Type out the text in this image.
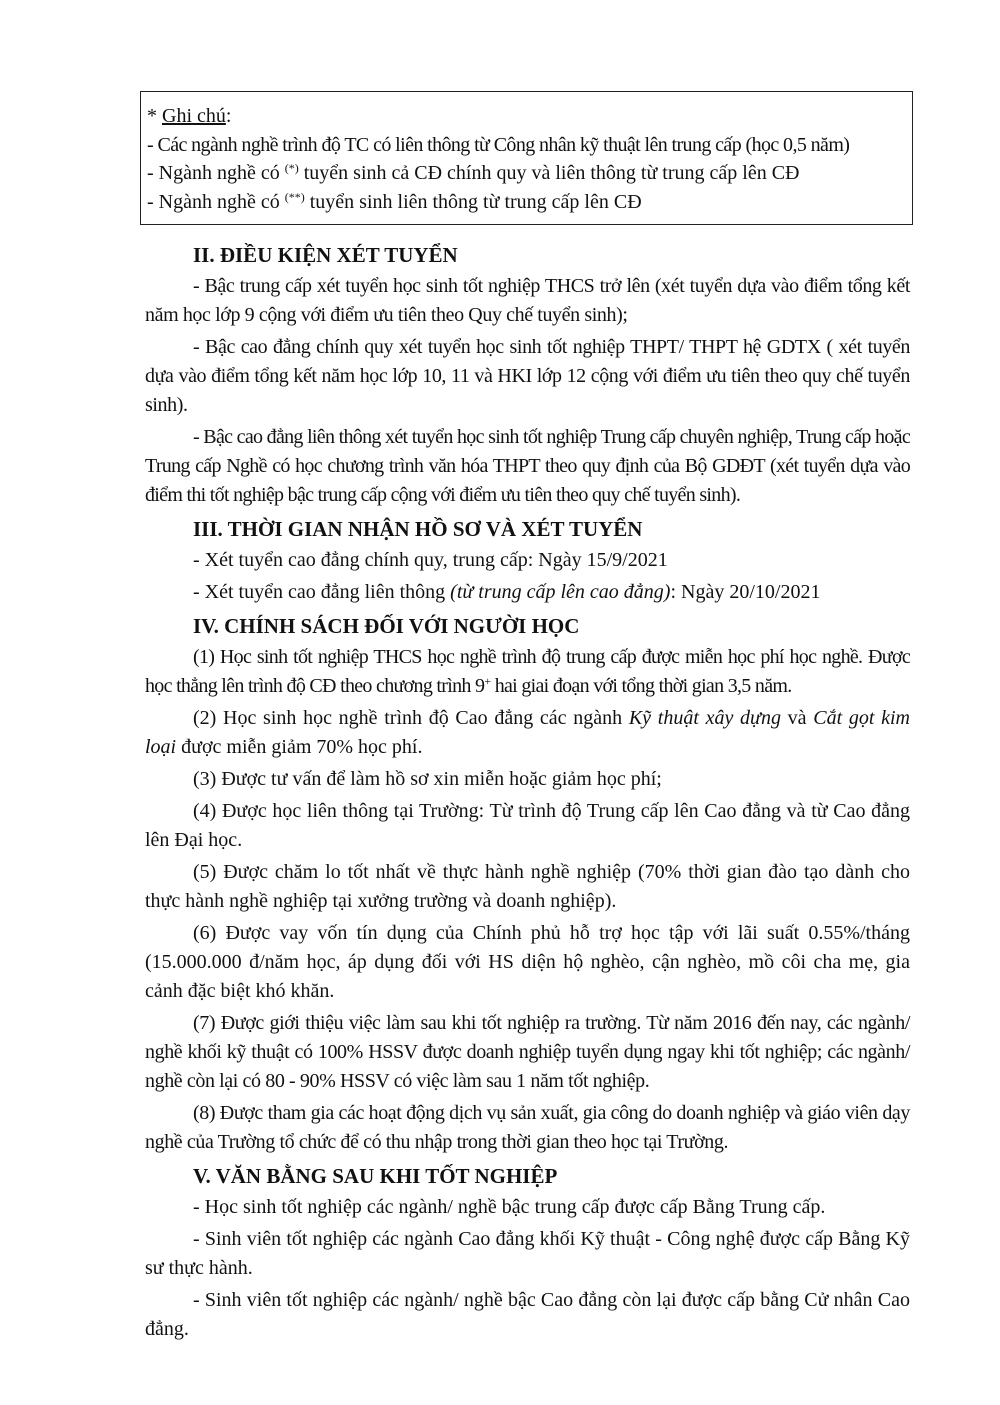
* Ghi chú:
- Các ngành nghề trình độ TC có liên thông từ Công nhân kỹ thuật lên trung cấp (học 0,5 năm)
- Ngành nghề có (*) tuyển sinh cả CĐ chính quy và liên thông từ trung cấp lên CĐ
- Ngành nghề có (**) tuyển sinh liên thông từ trung cấp lên CĐ
II. ĐIỀU KIỆN XÉT TUYỂN

- Bậc trung cấp xét tuyển học sinh tốt nghiệp THCS trở lên (xét tuyển dựa vào điểm tổng kết năm học lớp 9 cộng với điểm ưu tiên theo Quy chế tuyển sinh);

- Bậc cao đẳng chính quy xét tuyển học sinh tốt nghiệp THPT/ THPT hệ GDTX ( xét tuyển dựa vào điểm tổng kết năm học lớp 10, 11 và HKI lớp 12 cộng với điểm ưu tiên theo quy chế tuyển sinh).

- Bậc cao đẳng liên thông xét tuyển học sinh tốt nghiệp Trung cấp chuyên nghiệp, Trung cấp hoặc Trung cấp Nghề có học chương trình văn hóa THPT theo quy định của Bộ GDĐT (xét tuyển dựa vào điểm thi tốt nghiệp bậc trung cấp cộng với điểm ưu tiên theo quy chế tuyển sinh).

III. THỜI GIAN NHẬN HỒ SƠ VÀ XÉT TUYỂN
- Xét tuyển cao đẳng chính quy, trung cấp: Ngày 15/9/2021
- Xét tuyển cao đẳng liên thông (từ trung cấp lên cao đẳng): Ngày 20/10/2021
IV. CHÍNH SÁCH ĐỐI VỚI NGƯỜI HỌC

(1) Học sinh tốt nghiệp THCS học nghề trình độ trung cấp được miễn học phí học nghề. Được học thẳng lên trình độ CĐ theo chương trình 9+ hai giai đoạn với tổng thời gian 3,5 năm.

(2) Học sinh học nghề trình độ Cao đẳng các ngành Kỹ thuật xây dựng và Cắt gọt kim loại được miễn giảm 70% học phí.

(3) Được tư vấn để làm hồ sơ xin miễn hoặc giảm học phí;

(4) Được học liên thông tại Trường: Từ trình độ Trung cấp lên Cao đẳng và từ Cao đẳng lên Đại học.

(5) Được chăm lo tốt nhất về thực hành nghề nghiệp (70% thời gian đào tạo dành cho thực hành nghề nghiệp tại xưởng trường và doanh nghiệp).

(6) Được vay vốn tín dụng của Chính phủ hỗ trợ học tập với lãi suất 0.55%/tháng (15.000.000 đ/năm học, áp dụng đối với HS diện hộ nghèo, cận nghèo, mồ côi cha mẹ, gia cảnh đặc biệt khó khăn.

(7) Được giới thiệu việc làm sau khi tốt nghiệp ra trường. Từ năm 2016 đến nay, các ngành/ nghề khối kỹ thuật có 100% HSSV được doanh nghiệp tuyển dụng ngay khi tốt nghiệp; các ngành/ nghề còn lại có 80 - 90% HSSV có việc làm sau 1 năm tốt nghiệp.

(8) Được tham gia các hoạt động dịch vụ sản xuất, gia công do doanh nghiệp và giáo viên dạy nghề của Trường tổ chức để có thu nhập trong thời gian theo học tại Trường.

V. VĂN BẰNG SAU KHI TỐT NGHIỆP

- Học sinh tốt nghiệp các ngành/ nghề bậc trung cấp được cấp Bằng Trung cấp.

- Sinh viên tốt nghiệp các ngành Cao đẳng khối Kỹ thuật - Công nghệ được cấp Bằng Kỹ sư thực hành.

- Sinh viên tốt nghiệp các ngành/ nghề bậc Cao đẳng còn lại được cấp bằng Cử nhân Cao đẳng.
